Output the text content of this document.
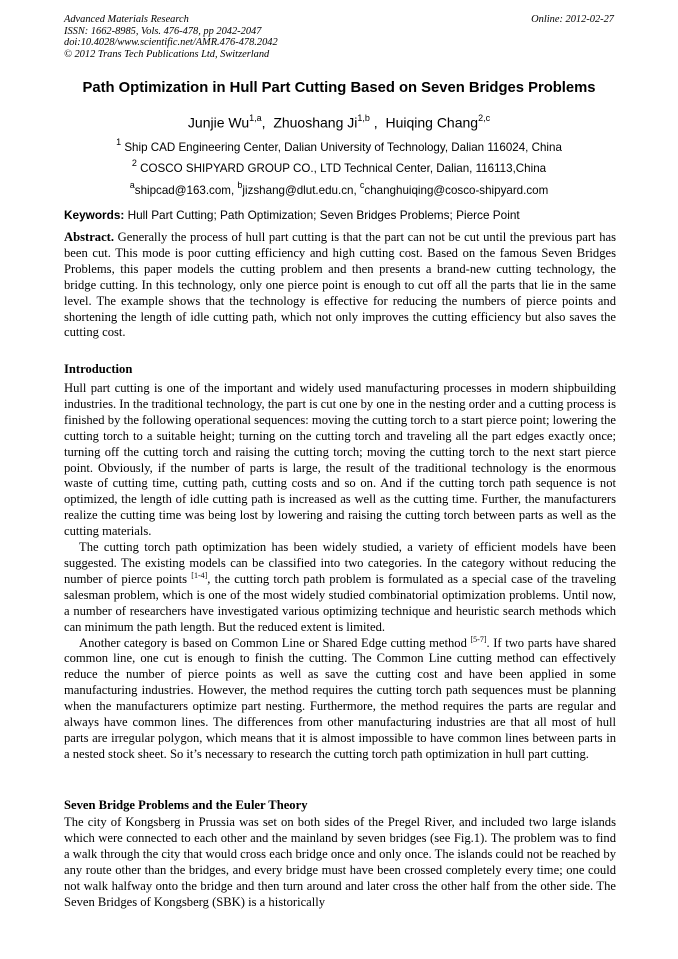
Advanced Materials Research
ISSN: 1662-8985, Vols. 476-478, pp 2042-2047
doi:10.4028/www.scientific.net/AMR.476-478.2042
© 2012 Trans Tech Publications Ltd, Switzerland
Online: 2012-02-27
Path Optimization in Hull Part Cutting Based on Seven Bridges Problems
Junjie Wu$^{1,a}$,  Zhuoshang Ji$^{1,b}$ ,  Huiqing Chang$^{2,c}$
$^1$ Ship CAD Engineering Center, Dalian University of Technology, Dalian 116024, China
$^2$ COSCO SHIPYARD GROUP CO., LTD Technical Center, Dalian, 116113,China
$^a$shipcad@163.com, $^b$jizshang@dlut.edu.cn, $^c$changhuiqing@cosco-shipyard.com
Keywords: Hull Part Cutting; Path Optimization; Seven Bridges Problems; Pierce Point

Abstract. Generally the process of hull part cutting is that the part can not be cut until the previous part has been cut. This mode is poor cutting efficiency and high cutting cost. Based on the famous Seven Bridges Problems, this paper models the cutting problem and then presents a brand-new cutting technology, the bridge cutting. In this technology, only one pierce point is enough to cut off all the parts that lie in the same level. The example shows that the technology is effective for reducing the numbers of pierce points and shortening the length of idle cutting path, which not only improves the cutting efficiency but also saves the cutting cost.

Introduction

Hull part cutting is one of the important and widely used manufacturing processes in modern shipbuilding industries. In the traditional technology, the part is cut one by one in the nesting order and a cutting process is finished by the following operational sequences: moving the cutting torch to a start pierce point; lowering the cutting torch to a suitable height; turning on the cutting torch and traveling all the part edges exactly once; turning off the cutting torch and raising the cutting torch; moving the cutting torch to the next start pierce point. Obviously, if the number of parts is large, the result of the traditional technology is the enormous waste of cutting time, cutting path, cutting costs and so on. And if the cutting torch path sequence is not optimized, the length of idle cutting path is increased as well as the cutting time. Further, the manufacturers realize the cutting time was being lost by lowering and raising the cutting torch between parts as well as the cutting materials.

The cutting torch path optimization has been widely studied, a variety of efficient models have been suggested. The existing models can be classified into two categories. In the category without reducing the number of pierce points [1-4], the cutting torch path problem is formulated as a special case of the traveling salesman problem, which is one of the most widely studied combinatorial optimization problems. Until now, a number of researchers have investigated various optimizing technique and heuristic search methods which can minimum the path length. But the reduced extent is limited.

Another category is based on Common Line or Shared Edge cutting method [5-7]. If two parts have shared common line, one cut is enough to finish the cutting. The Common Line cutting method can effectively reduce the number of pierce points as well as save the cutting cost and have been applied in some manufacturing industries. However, the method requires the cutting torch path sequences must be planning when the manufacturers optimize part nesting. Furthermore, the method requires the parts are regular and always have common lines. The differences from other manufacturing industries are that all most of hull parts are irregular polygon, which means that it is almost impossible to have common lines between parts in a nested stock sheet. So it’s necessary to research the cutting torch path optimization in hull part cutting.

Seven Bridge Problems and the Euler Theory

The city of Kongsberg in Prussia was set on both sides of the Pregel River, and included two large islands which were connected to each other and the mainland by seven bridges (see Fig.1). The problem was to find a walk through the city that would cross each bridge once and only once. The islands could not be reached by any route other than the bridges, and every bridge must have been crossed completely every time; one could not walk halfway onto the bridge and then turn around and later cross the other half from the other side. The Seven Bridges of Kongsberg (SBK) is a historically
